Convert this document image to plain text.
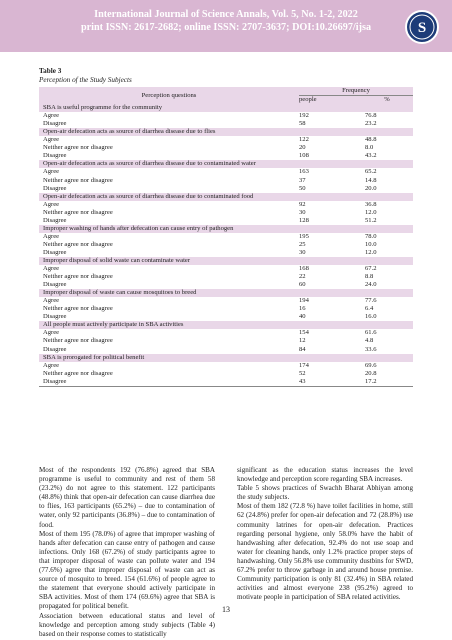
International Journal of Science Annals, Vol. 5, No. 1-2, 2022
print ISSN: 2617-2682; online ISSN: 2707-3637; DOI:10.26697/ijsa	S
Table 3
Perception of the Study Subjects
Perception questions	Frequency	
	people	%
SBA is useful programme for the community		
Agree	192	76.8
Disagree	58	23.2
Open-air defecation acts as source of diarrhea disease due to flies		
Agree	122	48.8
Neither agree nor disagree	20	8.0
Disagree	108	43.2
Open-air defecation acts as source of diarrhea disease due to contaminated water		
Agree	163	65.2
Neither agree nor disagree	37	14.8
Disagree	50	20.0
Open-air defecation acts as source of diarrhea disease due to contaminated food		
Agree	92	36.8
Neither agree nor disagree	30	12.0
Disagree	128	51.2
Improper washing of hands after defecation can cause entry of pathogen		
Agree	195	78.0
Neither agree nor disagree	25	10.0
Disagree	30	12.0
Improper disposal of solid waste can contaminate water		
Agree	168	67.2
Neither agree nor disagree	22	8.8
Disagree	60	24.0
Improper disposal of waste can cause mosquitoes to breed		
Agree	194	77.6
Neither agree nor disagree	16	6.4
Disagree	40	16.0
All people must actively participate in SBA activities		
Agree	154	61.6
Neither agree nor disagree	12	4.8
Disagree	84	33.6
SBA is prorogated for political benefit		
Agree	174	69.6
Neither agree nor disagree	52	20.8
Disagree	43	17.2

Most of the respondents 192 (76.8%) agreed that SBA programme is useful to community and rest of them 58 (23.2%) do not agree to this statement. 122 participants (48.8%) think that open-air defecation can cause diarrhea due to flies, 163 participants (65.2%) – due to contamination of water, only 92 participants (36.8%) – due to contamination of food.

Most of them 195 (78.0%) of agree that improper washing of hands after defecation can cause entry of pathogen and cause infections. Only 168 (67.2%) of study participants agree to that improper disposal of waste can pollute water and 194 (77.6%) agree that improper disposal of waste can act as source of mosquito to breed. 154 (61.6%) of people agree to the statement that everyone should actively participate in SBA activities. Most of them 174 (69.6%) agree that SBA is propagated for political benefit.

Association between educational status and level of knowledge and perception among study subjects (Table 4) based on their response comes to statistically

significant as the education status increases the level knowledge and perception score regarding SBA increases.

Table 5 shows practices of Swachh Bharat Abhiyan among the study subjects.

Most of them 182 (72.8 %) have toilet facilities in home, still 62 (24.8%) prefer for open-air defecation and 72 (28.8%) use community latrines for open-air defecation. Practices regarding personal hygiene, only 58.0% have the habit of handwashing after defecation, 92.4% do not use soap and water for cleaning hands, only 1.2% practice proper steps of handwashing. Only 56.8% use community dustbins for SWD, 67.2% prefer to throw garbage in and around house premise. Community participation is only 81 (32.4%) in SBA related activities and almost everyone 238 (95.2%) agreed to motivate people in participation of SBA related activities.

13
